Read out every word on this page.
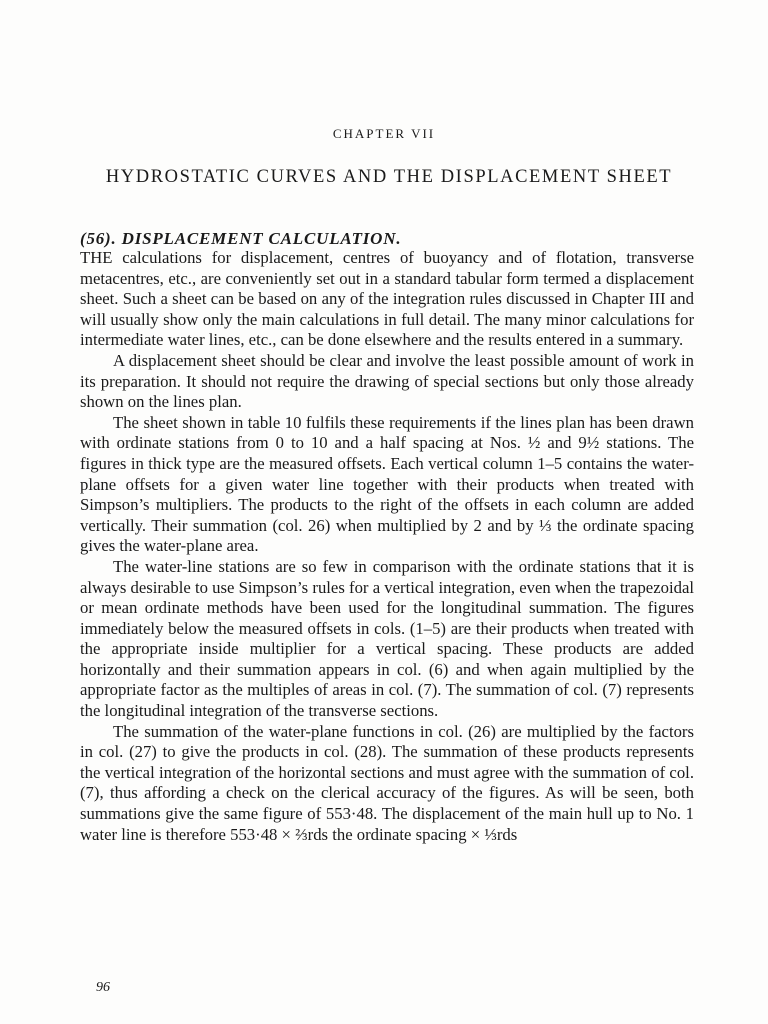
CHAPTER VII
HYDROSTATIC CURVES AND THE DISPLACEMENT SHEET
(56). DISPLACEMENT CALCULATION.

THE calculations for displacement, centres of buoyancy and of flotation, transverse metacentres, etc., are conveniently set out in a standard tabular form termed a displacement sheet. Such a sheet can be based on any of the integration rules discussed in Chapter III and will usually show only the main calculations in full detail. The many minor calculations for intermediate water lines, etc., can be done elsewhere and the results entered in a summary.

A displacement sheet should be clear and involve the least possible amount of work in its preparation. It should not require the drawing of special sections but only those already shown on the lines plan.

The sheet shown in table 10 fulfils these requirements if the lines plan has been drawn with ordinate stations from 0 to 10 and a half spacing at Nos. ½ and 9½ stations. The figures in thick type are the measured offsets. Each vertical column 1–5 contains the water-plane offsets for a given water line together with their products when treated with Simpson’s multipliers. The products to the right of the offsets in each column are added vertically. Their summation (col. 26) when multiplied by 2 and by ⅓ the ordinate spacing gives the water-plane area.

The water-line stations are so few in comparison with the ordinate stations that it is always desirable to use Simpson’s rules for a vertical integration, even when the trapezoidal or mean ordinate methods have been used for the longitudinal summation. The figures immediately below the measured offsets in cols. (1–5) are their products when treated with the appropriate inside multiplier for a vertical spacing. These products are added horizontally and their summation appears in col. (6) and when again multiplied by the appropriate factor as the multiples of areas in col. (7). The summation of col. (7) represents the longitudinal integration of the transverse sections.

The summation of the water-plane functions in col. (26) are multiplied by the factors in col. (27) to give the products in col. (28). The summation of these products represents the vertical integration of the horizontal sections and must agree with the summation of col. (7), thus affording a check on the clerical accuracy of the figures. As will be seen, both summations give the same figure of 553·48. The displacement of the main hull up to No. 1 water line is therefore 553·48 × ⅔rds the ordinate spacing × ⅓rds

96
